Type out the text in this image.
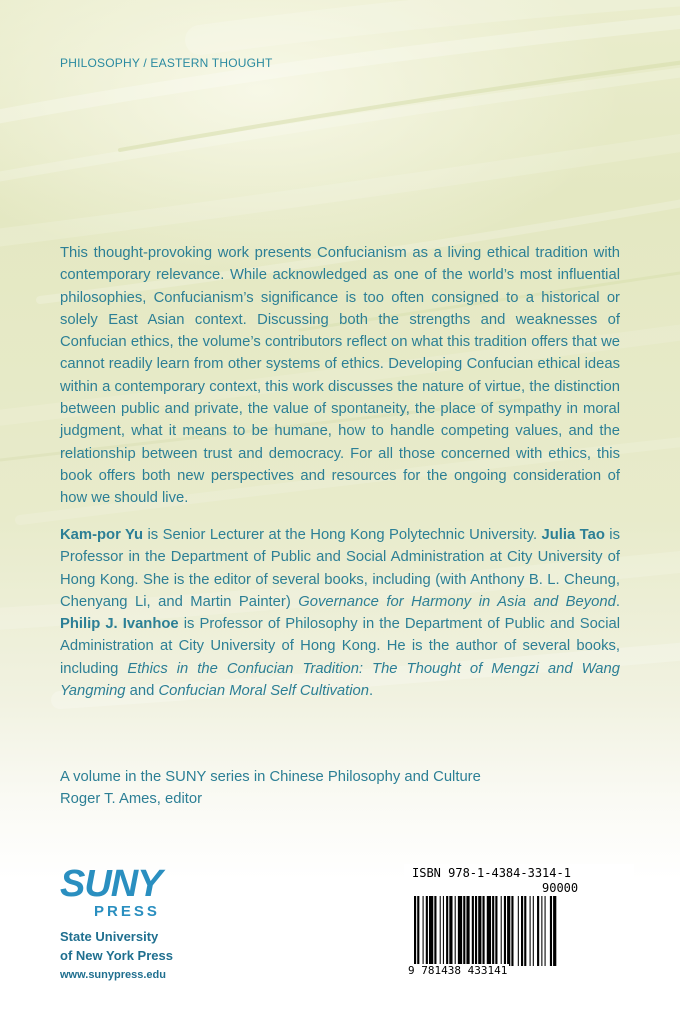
PHILOSOPHY / EASTERN THOUGHT

This thought-provoking work presents Confucianism as a living ethical tradition with contemporary relevance. While acknowledged as one of the world’s most influential philosophies, Confucianism’s significance is too often consigned to a historical or solely East Asian context. Discussing both the strengths and weaknesses of Confucian ethics, the volume’s contributors reflect on what this tradition offers that we cannot readily learn from other systems of ethics. Developing Confucian ethical ideas within a contemporary context, this work discusses the nature of virtue, the distinction between public and private, the value of spontaneity, the place of sympathy in moral judgment, what it means to be humane, how to handle competing values, and the relationship between trust and democracy. For all those concerned with ethics, this book offers both new perspectives and resources for the ongoing consideration of how we should live.

Kam-por Yu is Senior Lecturer at the Hong Kong Polytechnic University. Julia Tao is Professor in the Department of Public and Social Administration at City University of Hong Kong. She is the editor of several books, including (with Anthony B. L. Cheung, Chenyang Li, and Martin Painter) Governance for Harmony in Asia and Beyond. Philip J. Ivanhoe is Professor of Philosophy in the Department of Public and Social Administration at City University of Hong Kong. He is the author of several books, including Ethics in the Confucian Tradition: The Thought of Mengzi and Wang Yangming and Confucian Moral Self Cultivation.

A volume in the SUNY series in Chinese Philosophy and Culture
Roger T. Ames, editor

SUNY
PRESS

State University
of New York Press

www.sunypress.edu

ISBN 978-1-4384-3314-1

90000

9 781438 433141
